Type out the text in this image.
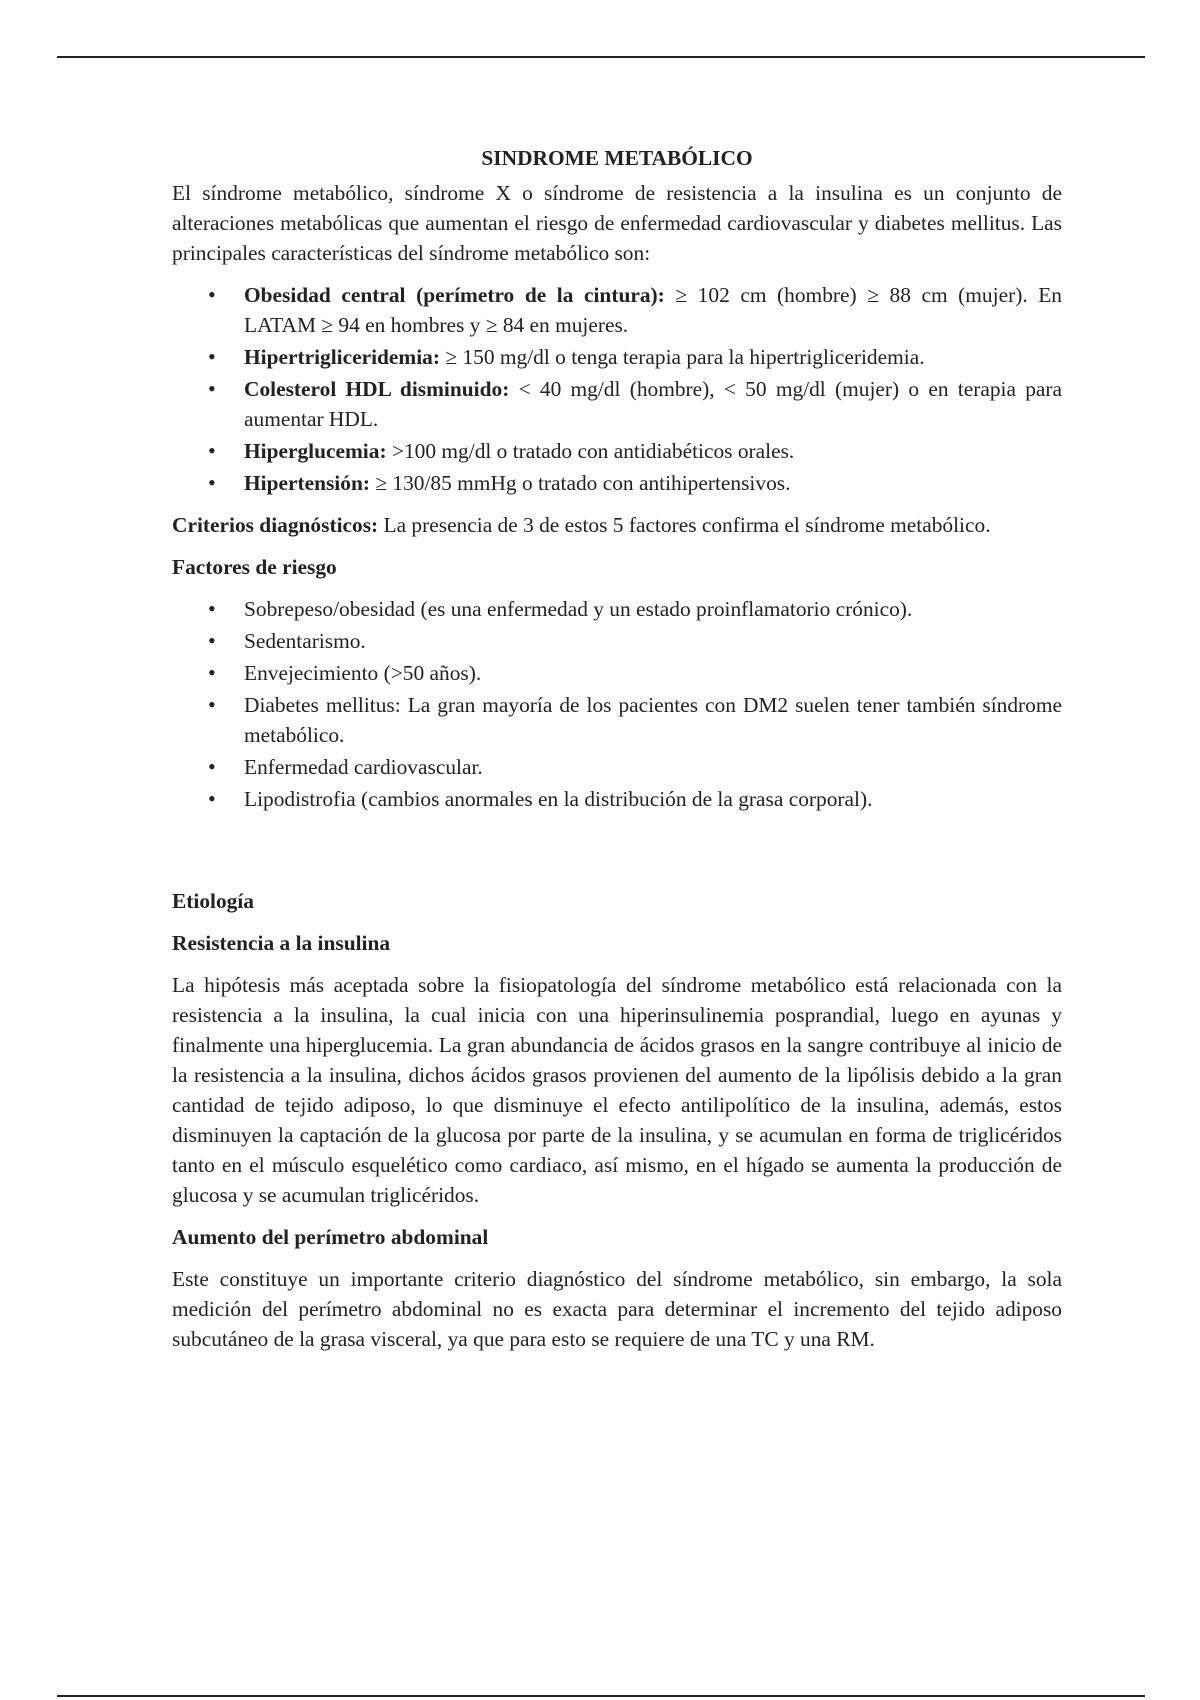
SINDROME METABÓLICO

El síndrome metabólico, síndrome X o síndrome de resistencia a la insulina es un conjunto de alteraciones metabólicas que aumentan el riesgo de enfermedad cardiovascular y diabetes mellitus. Las principales características del síndrome metabólico son:

• Obesidad central (perímetro de la cintura): ≥ 102 cm (hombre) ≥ 88 cm (mujer). En LATAM ≥ 94 en hombres y ≥ 84 en mujeres.
• Hipertrigliceridemia: ≥ 150 mg/dl o tenga terapia para la hipertrigliceridemia.
• Colesterol HDL disminuido: < 40 mg/dl (hombre), < 50 mg/dl (mujer) o en terapia para aumentar HDL.
• Hiperglucemia: >100 mg/dl o tratado con antidiabéticos orales.
• Hipertensión: ≥ 130/85 mmHg o tratado con antihipertensivos.

Criterios diagnósticos: La presencia de 3 de estos 5 factores confirma el síndrome metabólico.

Factores de riesgo

• Sobrepeso/obesidad (es una enfermedad y un estado proinflamatorio crónico).
• Sedentarismo.
• Envejecimiento (>50 años).
• Diabetes mellitus: La gran mayoría de los pacientes con DM2 suelen tener también síndrome metabólico.
• Enfermedad cardiovascular.
• Lipodistrofia (cambios anormales en la distribución de la grasa corporal).

Etiología

Resistencia a la insulina

La hipótesis más aceptada sobre la fisiopatología del síndrome metabólico está relacionada con la resistencia a la insulina, la cual inicia con una hiperinsulinemia posprandial, luego en ayunas y finalmente una hiperglucemia. La gran abundancia de ácidos grasos en la sangre contribuye al inicio de la resistencia a la insulina, dichos ácidos grasos provienen del aumento de la lipólisis debido a la gran cantidad de tejido adiposo, lo que disminuye el efecto antilipolítico de la insulina, además, estos disminuyen la captación de la glucosa por parte de la insulina, y se acumulan en forma de triglicéridos tanto en el músculo esquelético como cardiaco, así mismo, en el hígado se aumenta la producción de glucosa y se acumulan triglicéridos.

Aumento del perímetro abdominal

Este constituye un importante criterio diagnóstico del síndrome metabólico, sin embargo, la sola medición del perímetro abdominal no es exacta para determinar el incremento del tejido adiposo subcutáneo de la grasa visceral, ya que para esto se requiere de una TC y una RM.
